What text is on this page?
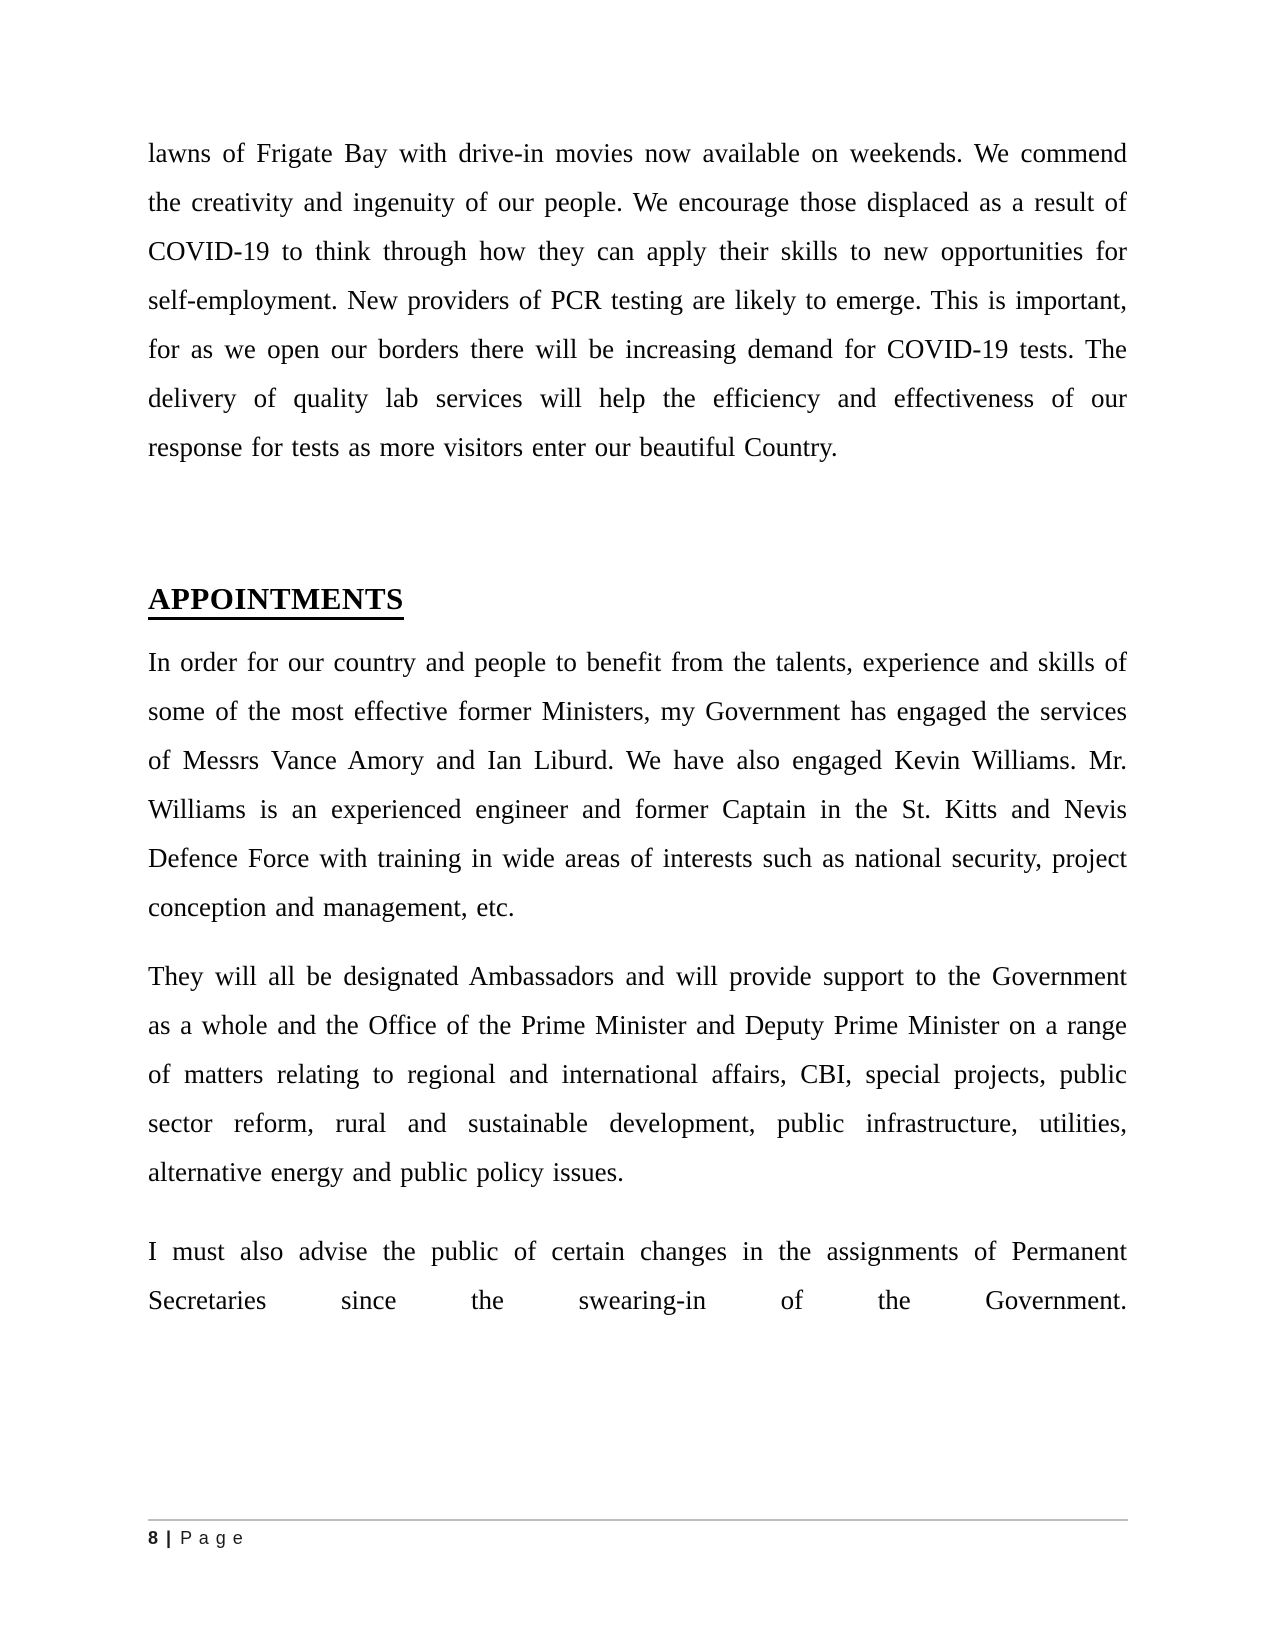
lawns of Frigate Bay with drive-in movies now available on weekends. We commend the creativity and ingenuity of our people. We encourage those displaced as a result of COVID-19 to think through how they can apply their skills to new opportunities for self-employment. New providers of PCR testing are likely to emerge. This is important, for as we open our borders there will be increasing demand for COVID-19 tests. The delivery of quality lab services will help the efficiency and effectiveness of our response for tests as more visitors enter our beautiful Country.

APPOINTMENTS

In order for our country and people to benefit from the talents, experience and skills of some of the most effective former Ministers, my Government has engaged the services of Messrs Vance Amory and Ian Liburd. We have also engaged Kevin Williams. Mr. Williams is an experienced engineer and former Captain in the St. Kitts and Nevis Defence Force with training in wide areas of interests such as national security, project conception and management, etc.

They will all be designated Ambassadors and will provide support to the Government as a whole and the Office of the Prime Minister and Deputy Prime Minister on a range of matters relating to regional and international affairs, CBI, special projects, public sector reform, rural and sustainable development, public infrastructure, utilities, alternative energy and public policy issues.

I must also advise the public of certain changes in the assignments of Permanent Secretaries since the swearing-in of the Government.

8 | P a g e
